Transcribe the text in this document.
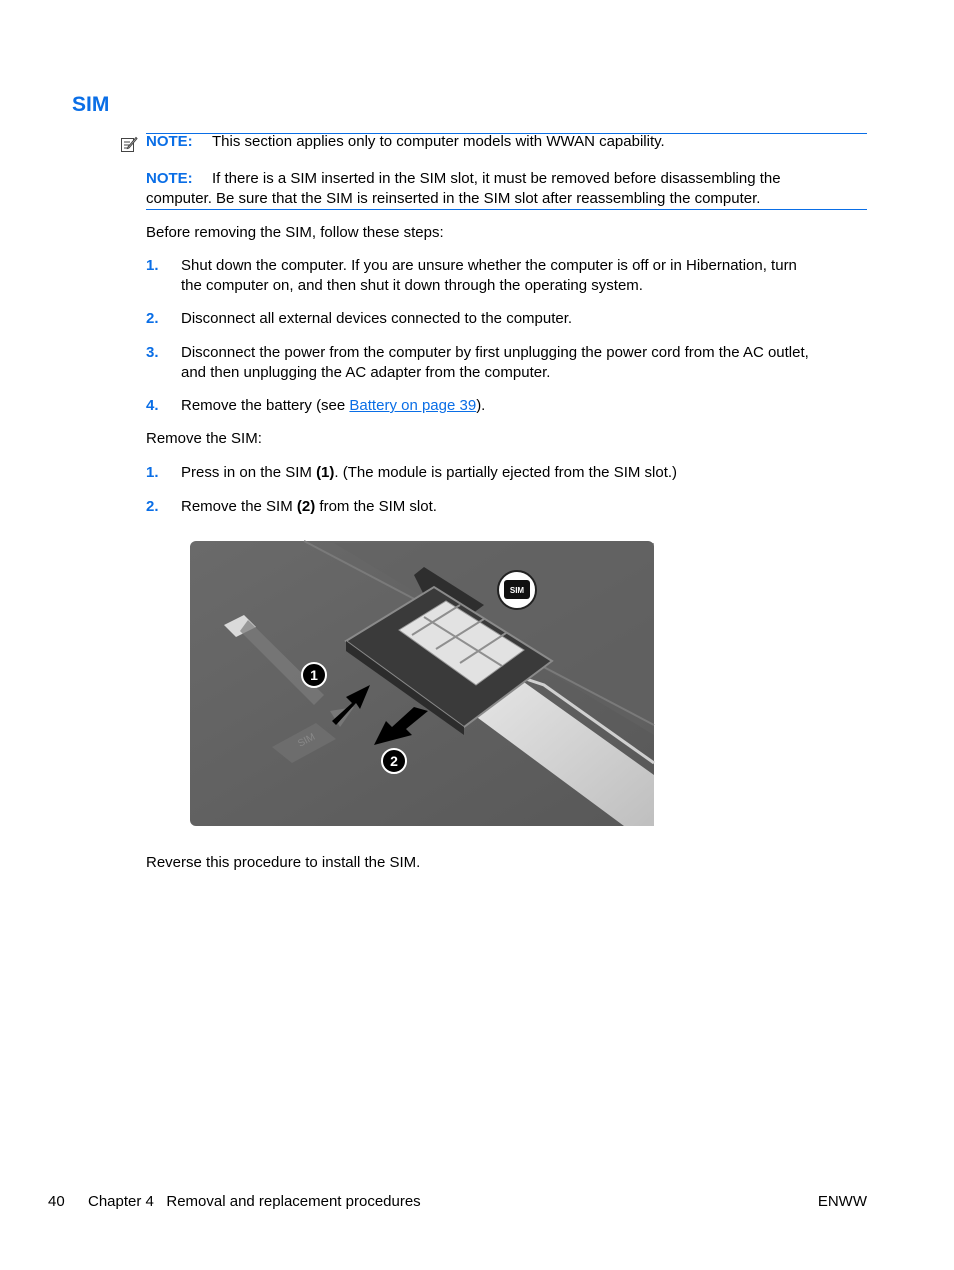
SIM
NOTE: This section applies only to computer models with WWAN capability.
NOTE: If there is a SIM inserted in the SIM slot, it must be removed before disassembling the
computer. Be sure that the SIM is reinserted in the SIM slot after reassembling the computer.
Before removing the SIM, follow these steps:
1. Shut down the computer. If you are unsure whether the computer is off or in Hibernation, turn

the computer on, and then shut it down through the operating system.

2. Disconnect all external devices connected to the computer.

3. Disconnect the power from the computer by first unplugging the power cord from the AC outlet,

and then unplugging the AC adapter from the computer.

4. Remove the battery (see Battery on page 39).
Remove the SIM:
1. Press in on the SIM (1). (The module is partially ejected from the SIM slot.)
2. Remove the SIM (2) from the SIM slot.
SIM
1
2
SIM
Reverse this procedure to install the SIM.
40 Chapter 4   Removal and replacement procedures	ENWW
